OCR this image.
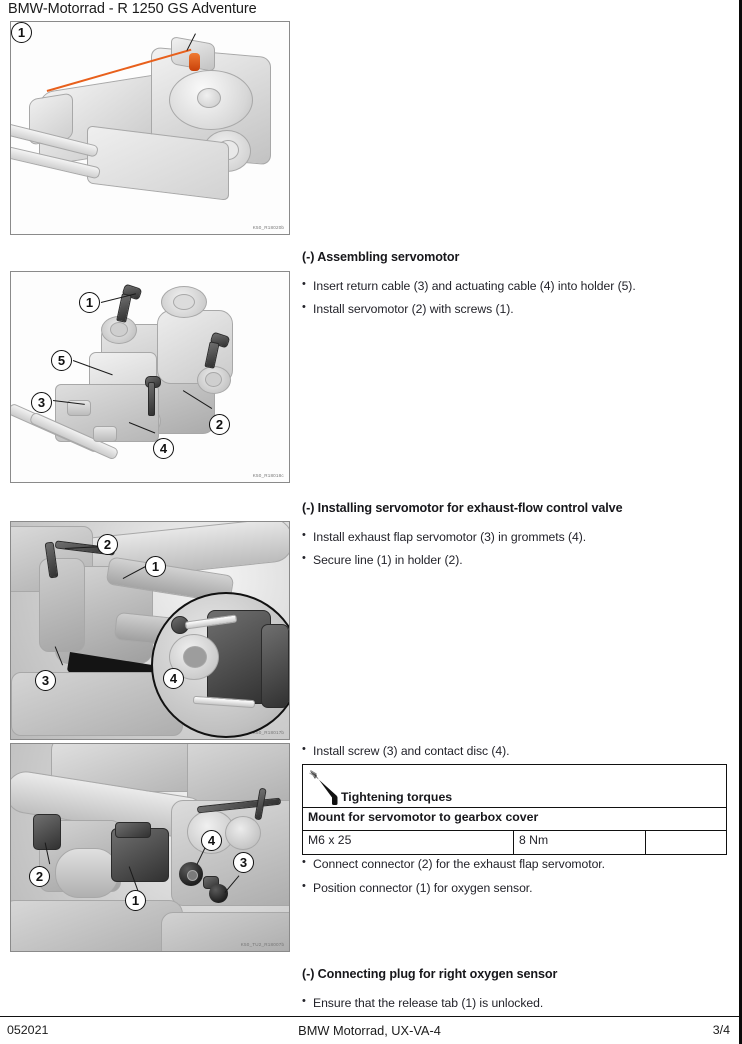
BMW-Motorrad - R 1250 GS Adventure
1
K50_R18020b
1
5
3
2
4
K50_R18018c
2
1
3	4
K50_R18017b
4
3
2
1
K50_TU2_R18007b
(-) Assembling servomotor
• Insert return cable (3) and actuating cable (4) into holder (5).
• Install servomotor (2) with screws (1).
(-) Installing servomotor for exhaust-flow control valve
• Install exhaust flap servomotor (3) in grommets (4).
• Secure line (1) in holder (2).
• Install screw (3) and contact disc (4).
Tightening torques
Mount for servomotor to gearbox cover
M6 x 25	8 Nm
• Connect connector (2) for the exhaust flap servomotor.
• Position connector (1) for oxygen sensor.
(-) Connecting plug for right oxygen sensor
• Ensure that the release tab (1) is unlocked.
052021	BMW Motorrad, UX-VA-4	3/4
